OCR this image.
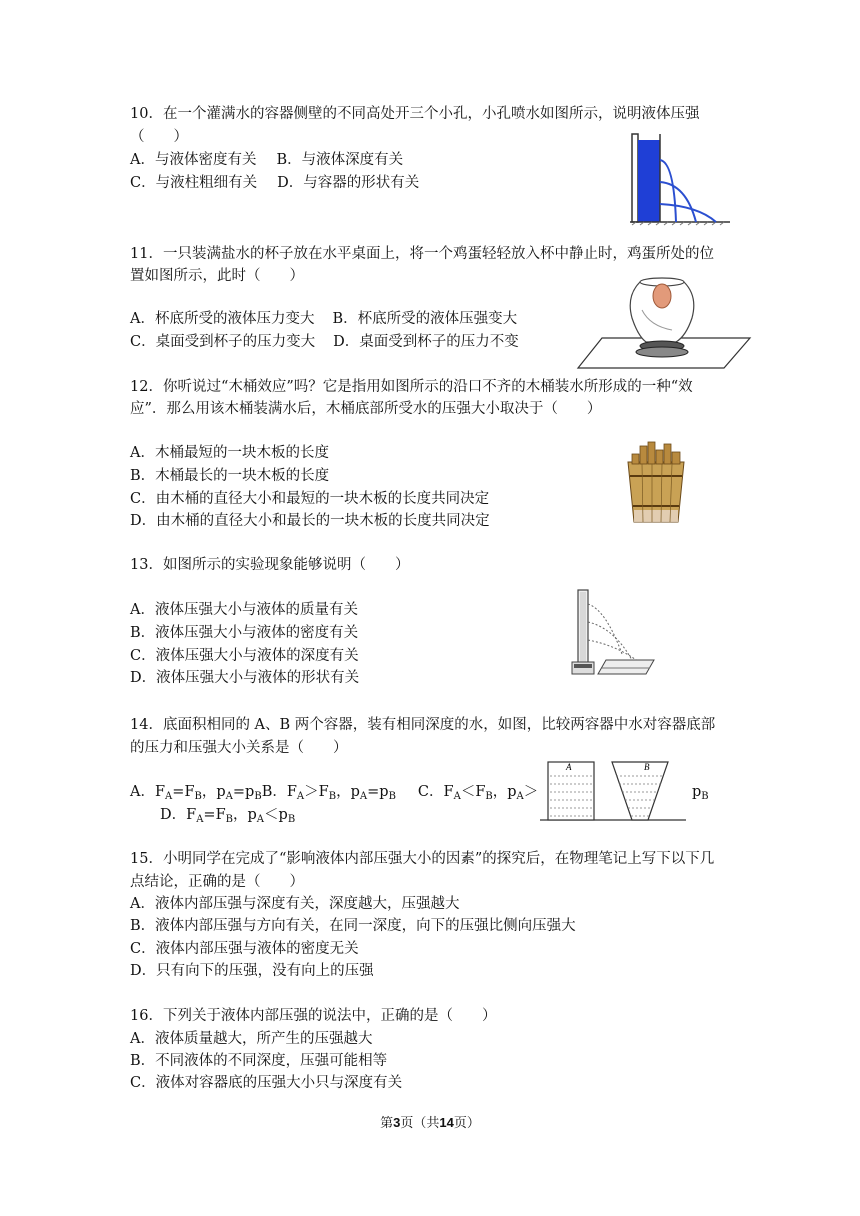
10．在一个灌满水的容器侧壁的不同高处开三个小孔，小孔喷水如图所示，说明液体压强
（　　）
A．与液体密度有关 B．与液体深度有关
C．与液柱粗细有关 D．与容器的形状有关
11．一只装满盐水的杯子放在水平桌面上，将一个鸡蛋轻轻放入杯中静止时，鸡蛋所处的位
置如图所示，此时（　　）
A．杯底所受的液体压力变大 B．杯底所受的液体压强变大
C．桌面受到杯子的压力变大 D．桌面受到杯子的压力不变
12．你听说过“木桶效应”吗？它是指用如图所示的沿口不齐的木桶装水所形成的一种“效
应”．那么用该木桶装满水后，木桶底部所受水的压强大小取决于（　　）
A．木桶最短的一块木板的长度
B．木桶最长的一块木板的长度
C．由木桶的直径大小和最短的一块木板的长度共同决定
D．由木桶的直径大小和最长的一块木板的长度共同决定
13．如图所示的实验现象能够说明（　　）
A．液体压强大小与液体的质量有关
B．液体压强大小与液体的密度有关
C．液体压强大小与液体的深度有关
D．液体压强大小与液体的形状有关
14．底面积相同的 A、B 两个容器，装有相同深度的水，如图，比较两容器中水对容器底部
的压力和压强大小关系是（　　）
A．$F_A=F_B$，$p_A=p_BB$．$F_A>F_B$，$p_A=p_B$ C．$F_A<F_B$，$p_A>$	$p_B$
D．$F_A=F_B$，$p_A<p_B$
A	B
15．小明同学在完成了“影响液体内部压强大小的因素”的探究后，在物理笔记上写下以下几
点结论，正确的是（　　）
A．液体内部压强与深度有关，深度越大，压强越大
B．液体内部压强与方向有关，在同一深度，向下的压强比侧向压强大
C．液体内部压强与液体的密度无关
D．只有向下的压强，没有向上的压强
16．下列关于液体内部压强的说法中，正确的是（　　）
A．液体质量越大，所产生的压强越大
B．不同液体的不同深度，压强可能相等
C．液体对容器底的压强大小只与深度有关
第3页（共14页）
